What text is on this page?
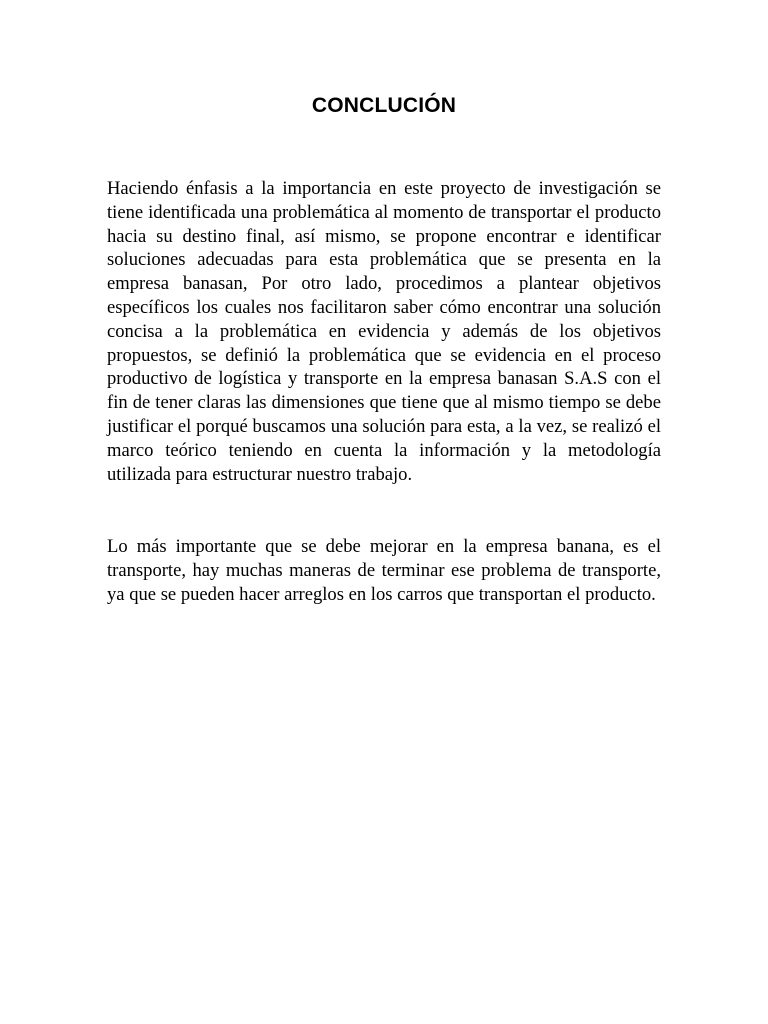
CONCLUCIÓN

Haciendo énfasis a la importancia en este proyecto de investigación se tiene identificada una problemática al momento de transportar el producto hacia su destino final, así mismo, se propone encontrar e identificar soluciones adecuadas para esta problemática que se presenta en la empresa banasan, Por otro lado, procedimos a plantear objetivos específicos los cuales nos facilitaron saber cómo encontrar una solución concisa a la problemática en evidencia y además de los objetivos propuestos, se definió la problemática que se evidencia en el proceso productivo de logística y transporte en la empresa banasan S.A.S con el fin de tener claras las dimensiones que tiene que al mismo tiempo se debe justificar el porqué buscamos una solución para esta, a la vez, se realizó el marco teórico teniendo en cuenta la información y la metodología utilizada para estructurar nuestro trabajo.

Lo más importante que se debe mejorar en la empresa banana, es el transporte, hay muchas maneras de terminar ese problema de transporte, ya que se pueden hacer arreglos en los carros que transportan el producto.
